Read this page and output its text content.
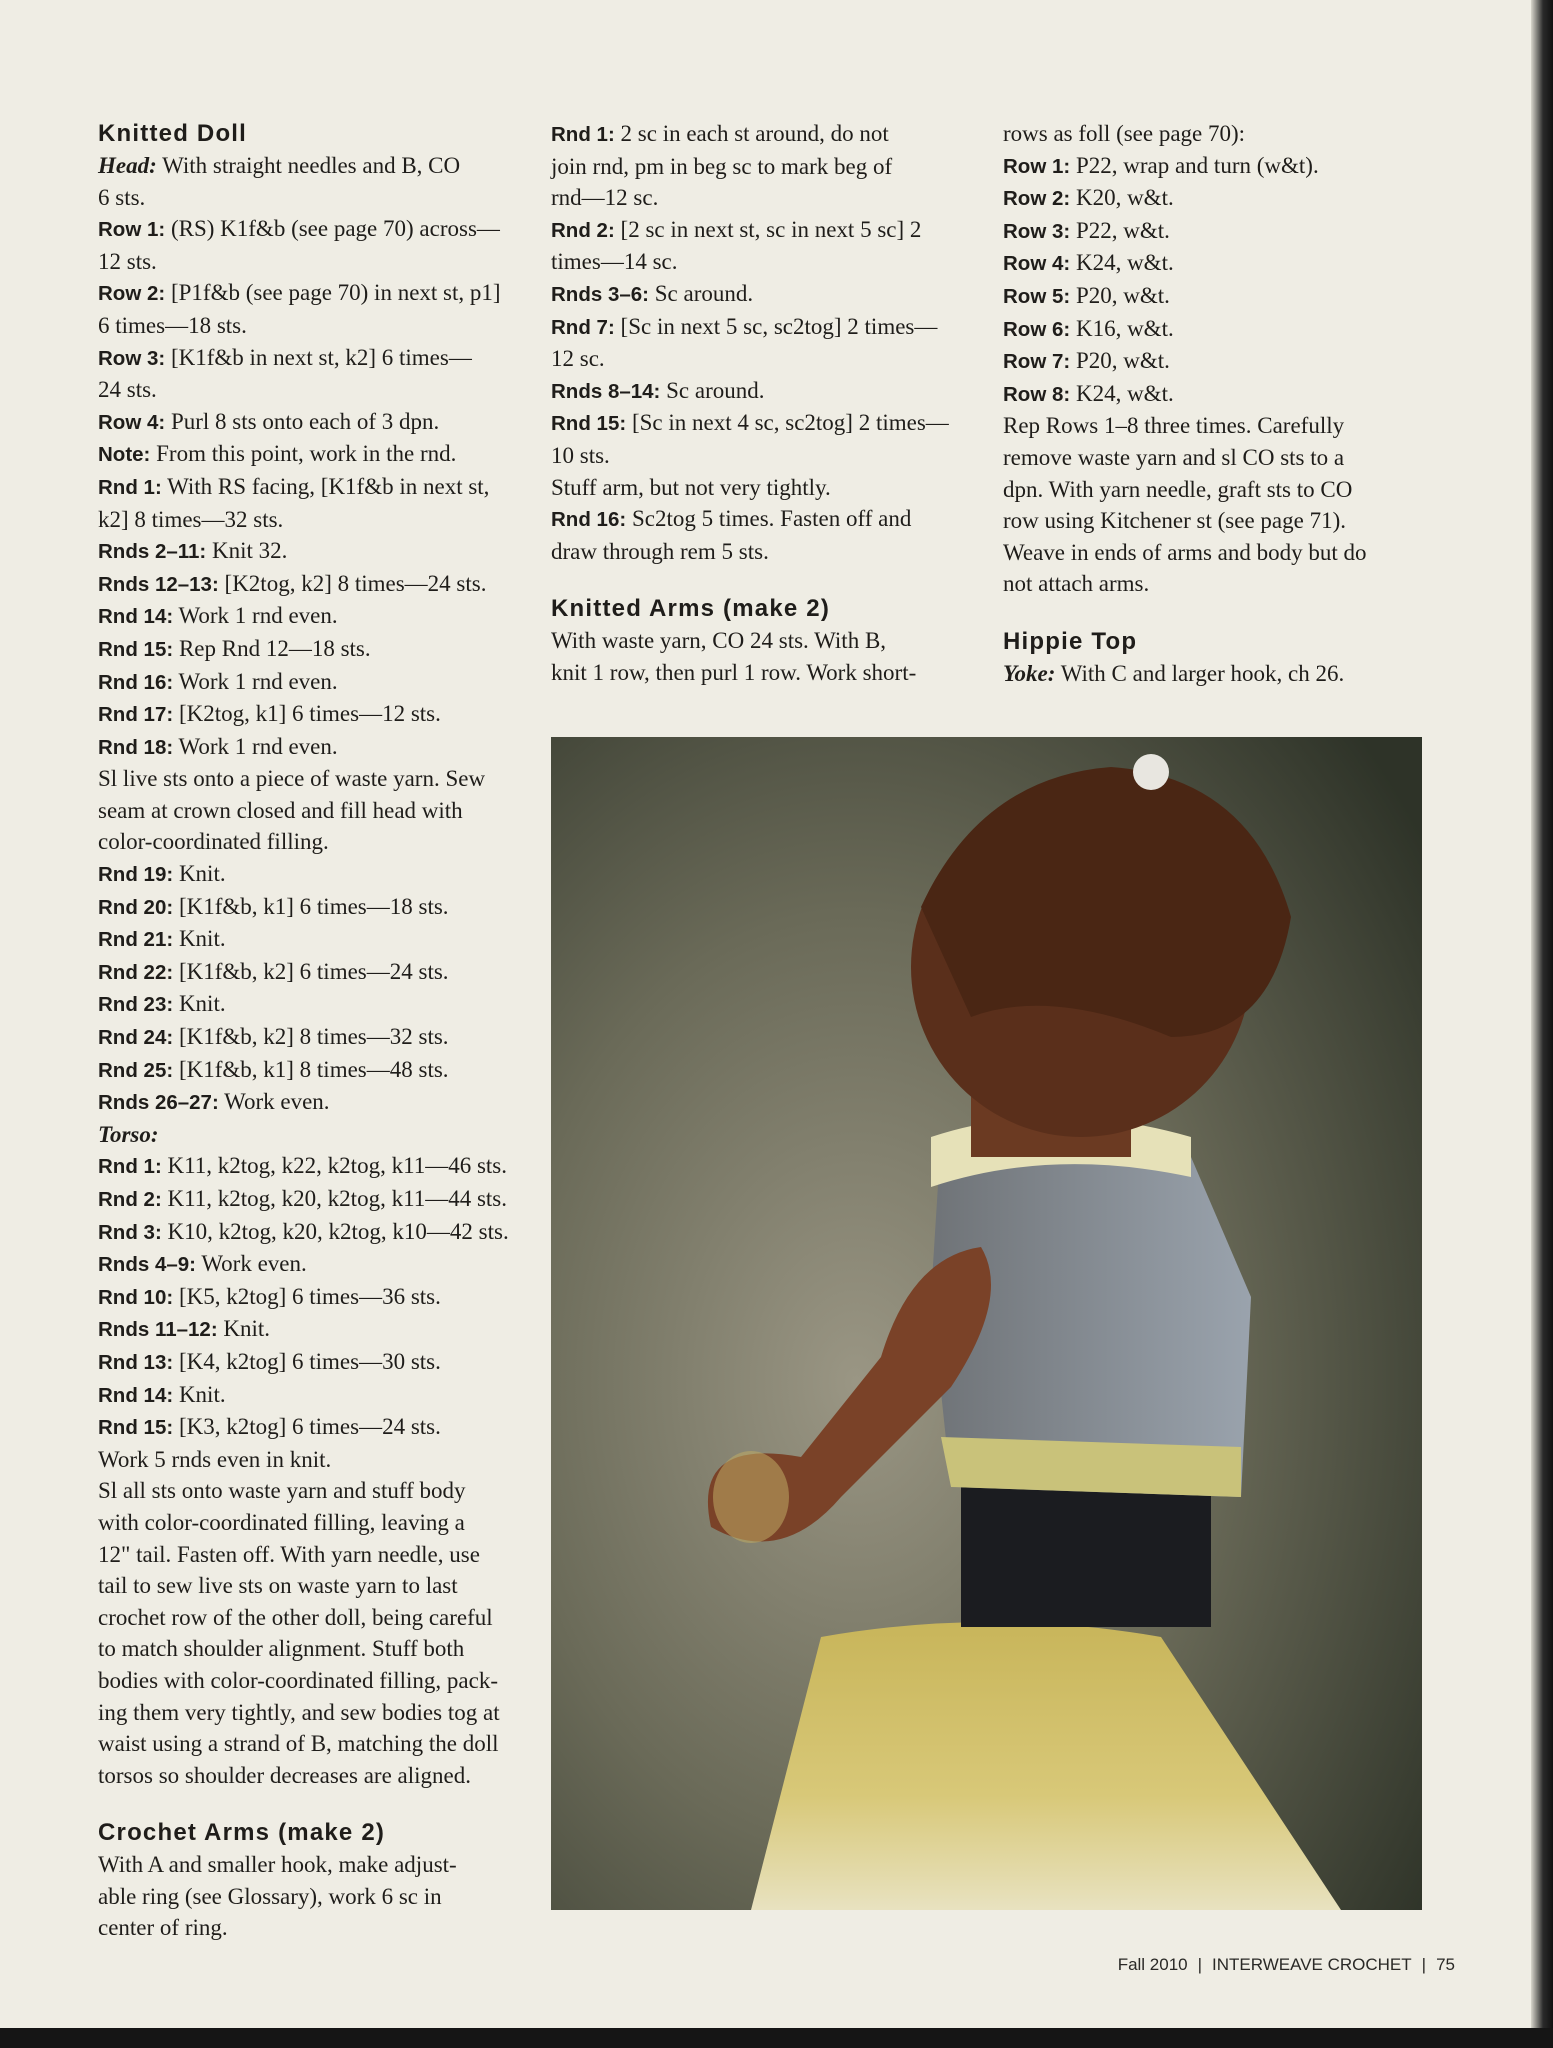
Knitted Doll
Head: With straight needles and B, CO
6 sts.
Row 1: (RS) K1f&b (see page 70) across—
12 sts.
Row 2: [P1f&b (see page 70) in next st, p1]
6 times—18 sts.
Row 3: [K1f&b in next st, k2] 6 times—
24 sts.
Row 4: Purl 8 sts onto each of 3 dpn.
Note: From this point, work in the rnd.
Rnd 1: With RS facing, [K1f&b in next st,
k2] 8 times—32 sts.
Rnds 2–11: Knit 32.
Rnds 12–13: [K2tog, k2] 8 times—24 sts.
Rnd 14: Work 1 rnd even.
Rnd 15: Rep Rnd 12—18 sts.
Rnd 16: Work 1 rnd even.
Rnd 17: [K2tog, k1] 6 times—12 sts.
Rnd 18: Work 1 rnd even.
Sl live sts onto a piece of waste yarn. Sew
seam at crown closed and fill head with
color-coordinated filling.
Rnd 19: Knit.
Rnd 20: [K1f&b, k1] 6 times—18 sts.
Rnd 21: Knit.
Rnd 22: [K1f&b, k2] 6 times—24 sts.
Rnd 23: Knit.
Rnd 24: [K1f&b, k2] 8 times—32 sts.
Rnd 25: [K1f&b, k1] 8 times—48 sts.
Rnds 26–27: Work even.
Torso:
Rnd 1: K11, k2tog, k22, k2tog, k11—46 sts.
Rnd 2: K11, k2tog, k20, k2tog, k11—44 sts.
Rnd 3: K10, k2tog, k20, k2tog, k10—42 sts.
Rnds 4–9: Work even.
Rnd 10: [K5, k2tog] 6 times—36 sts.
Rnds 11–12: Knit.
Rnd 13: [K4, k2tog] 6 times—30 sts.
Rnd 14: Knit.
Rnd 15: [K3, k2tog] 6 times—24 sts.
Work 5 rnds even in knit.
Sl all sts onto waste yarn and stuff body
with color-coordinated filling, leaving a
12" tail. Fasten off. With yarn needle, use
tail to sew live sts on waste yarn to last
crochet row of the other doll, being careful
to match shoulder alignment. Stuff both
bodies with color-coordinated filling, pack-
ing them very tightly, and sew bodies tog at
waist using a strand of B, matching the doll
torsos so shoulder decreases are aligned.
Crochet Arms (make 2)
With A and smaller hook, make adjust-
able ring (see Glossary), work 6 sc in
center of ring.
Rnd 1: 2 sc in each st around, do not
join rnd, pm in beg sc to mark beg of
rnd—12 sc.
Rnd 2: [2 sc in next st, sc in next 5 sc] 2
times—14 sc.
Rnds 3–6: Sc around.
Rnd 7: [Sc in next 5 sc, sc2tog] 2 times—
12 sc.
Rnds 8–14: Sc around.
Rnd 15: [Sc in next 4 sc, sc2tog] 2 times—
10 sts.
Stuff arm, but not very tightly.
Rnd 16: Sc2tog 5 times. Fasten off and
draw through rem 5 sts.
Knitted Arms (make 2)
With waste yarn, CO 24 sts. With B,
knit 1 row, then purl 1 row. Work short-
rows as foll (see page 70):
Row 1: P22, wrap and turn (w&t).
Row 2: K20, w&t.
Row 3: P22, w&t.
Row 4: K24, w&t.
Row 5: P20, w&t.
Row 6: K16, w&t.
Row 7: P20, w&t.
Row 8: K24, w&t.
Rep Rows 1–8 three times. Carefully
remove waste yarn and sl CO sts to a
dpn. With yarn needle, graft sts to CO
row using Kitchener st (see page 71).
Weave in ends of arms and body but do
not attach arms.
Hippie Top
Yoke: With C and larger hook, ch 26.
Fall 2010 | INTERWEAVE CROCHET | 75
